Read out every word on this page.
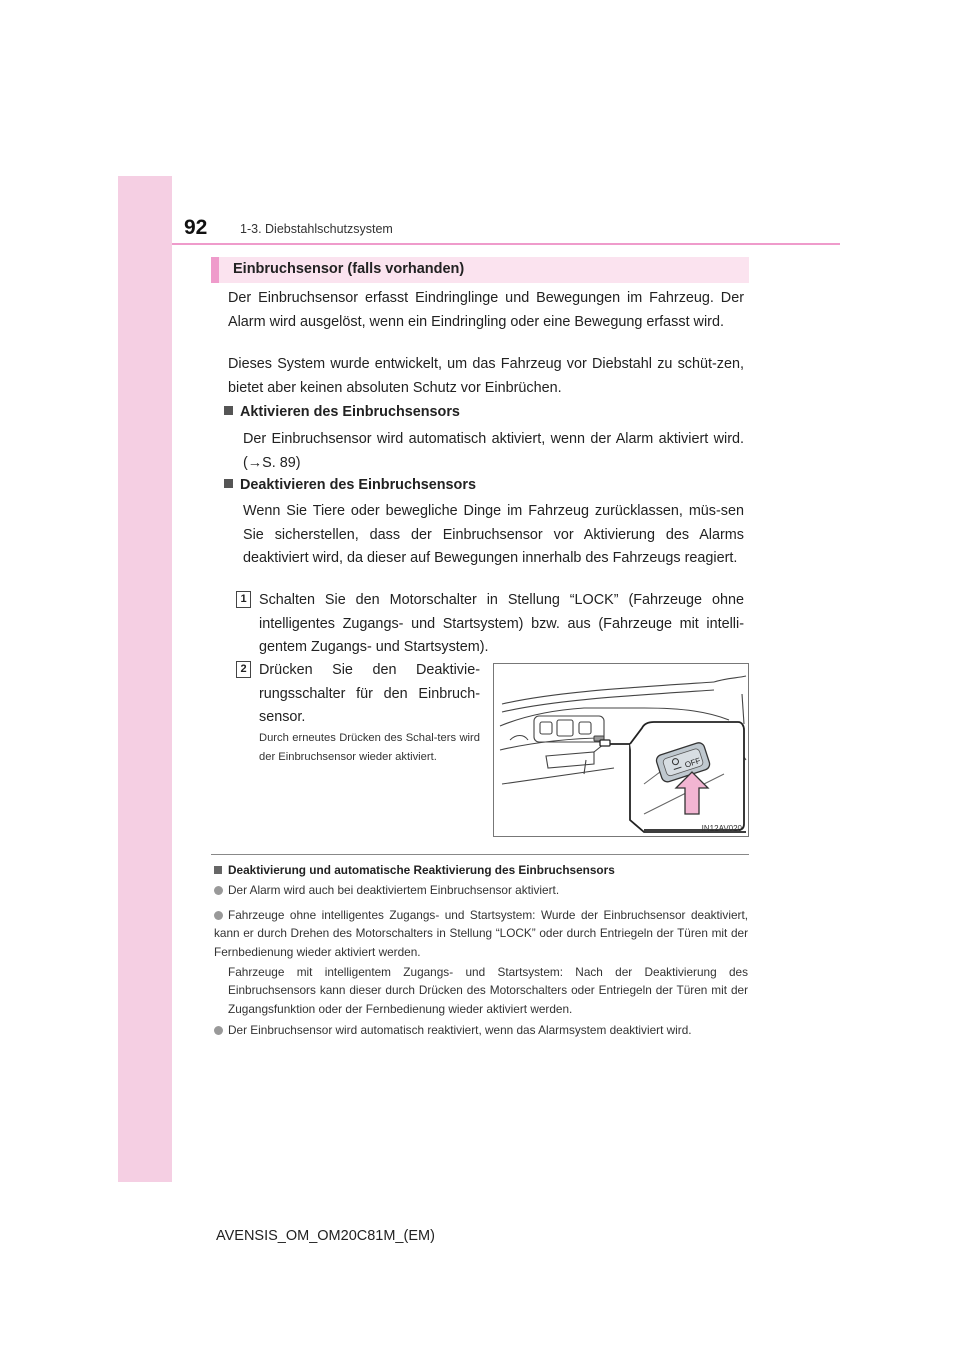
92	1-3. Diebstahlschutzsystem
Einbruchsensor (falls vorhanden)
Der Einbruchsensor erfasst Eindringlinge und Bewegungen im Fahrzeug. Der Alarm wird ausgelöst, wenn ein Eindringling oder eine Bewegung erfasst wird.
Dieses System wurde entwickelt, um das Fahrzeug vor Diebstahl zu schüt-zen, bietet aber keinen absoluten Schutz vor Einbrüchen.
Aktivieren des Einbruchsensors
Der Einbruchsensor wird automatisch aktiviert, wenn der Alarm aktiviert wird. (→S. 89)
Deaktivieren des Einbruchsensors
Wenn Sie Tiere oder bewegliche Dinge im Fahrzeug zurücklassen, müs-sen Sie sicherstellen, dass der Einbruchsensor vor Aktivierung des Alarms deaktiviert wird, da dieser auf Bewegungen innerhalb des Fahrzeugs reagiert.
1 Schalten Sie den Motorschalter in Stellung “LOCK” (Fahrzeuge ohne intelligentes Zugangs- und Startsystem) bzw. aus (Fahrzeuge mit intelli-gentem Zugangs- und Startsystem).
2 Drücken Sie den Deaktivie-rungsschalter für den Einbruch-sensor.
Durch erneutes Drücken des Schal-ters wird der Einbruchsensor wieder aktiviert.	OFF
IN12AV020
Deaktivierung und automatische Reaktivierung des Einbruchsensors
Der Alarm wird auch bei deaktiviertem Einbruchsensor aktiviert.
Fahrzeuge ohne intelligentes Zugangs- und Startsystem: Wurde der Einbruchsensor deaktiviert, kann er durch Drehen des Motorschalters in Stellung “LOCK” oder durch Entriegeln der Türen mit der Fernbedienung wieder aktiviert werden.
Fahrzeuge mit intelligentem Zugangs- und Startsystem: Nach der Deaktivierung des Einbruchsensors kann dieser durch Drücken des Motorschalters oder Entriegeln der Türen mit der Zugangsfunktion oder der Fernbedienung wieder aktiviert werden.
Der Einbruchsensor wird automatisch reaktiviert, wenn das Alarmsystem deaktiviert wird.
AVENSIS_OM_OM20C81M_(EM)
